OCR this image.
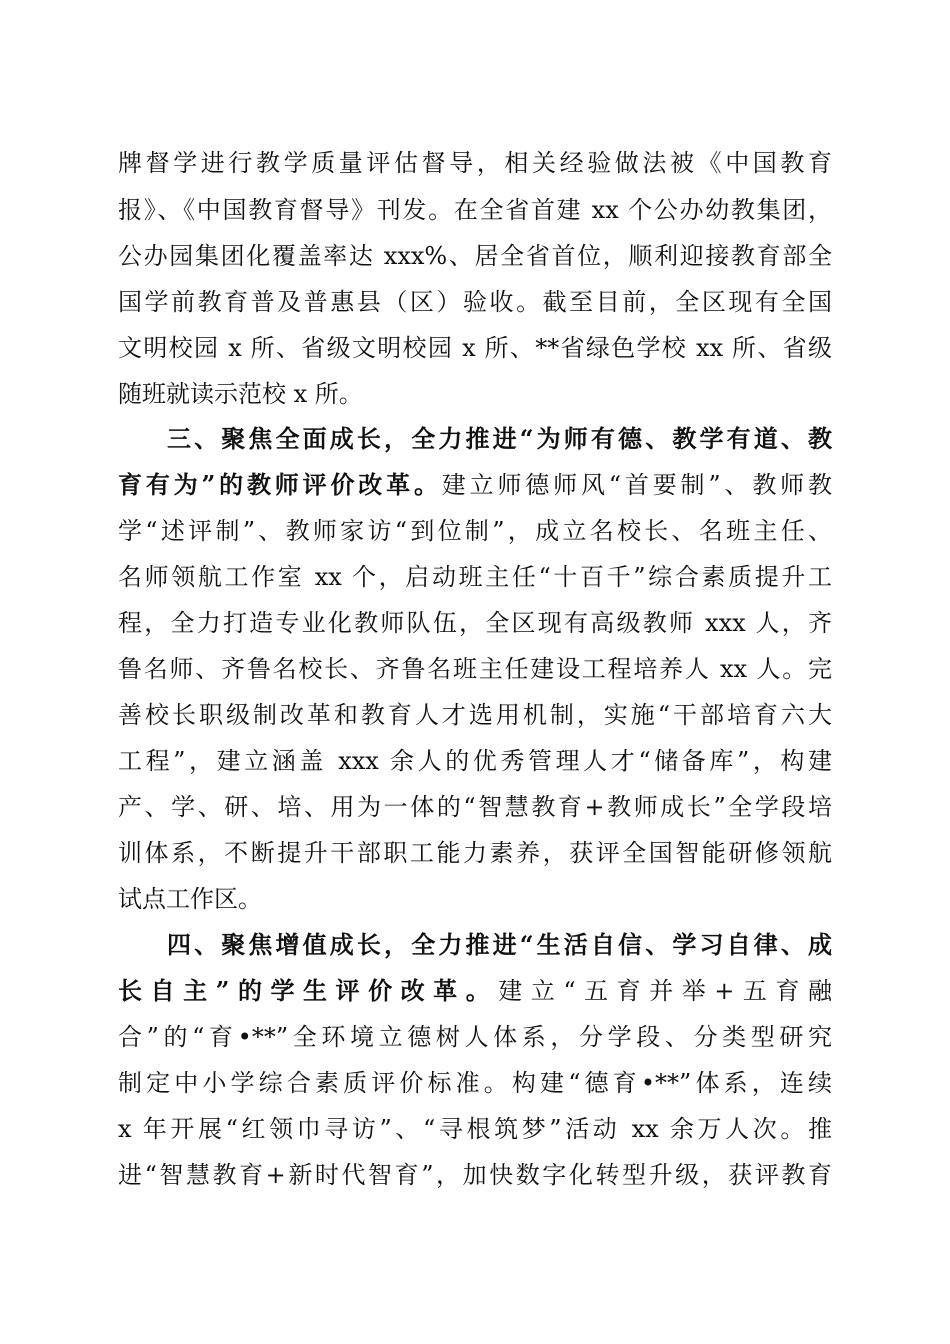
牌督学进行教学质量评估督导，相关经验做法被《中国教育
报》、《中国教育督导》刊发。在全省首建 xx 个公办幼教集团，
公办园集团化覆盖率达 xxx%、居全省首位，顺利迎接教育部全
国学前教育普及普惠县（区）验收。截至目前，全区现有全国
文明校园 x 所、省级文明校园 x 所、**省绿色学校 xx 所、省级
随班就读示范校 x 所。
三、聚焦全面成长，全力推进“为师有德、教学有道、教
育有为”的教师评价改革。建立师德师风“首要制”、教师教
学“述评制”、教师家访“到位制”，成立名校长、名班主任、
名师领航工作室 xx 个，启动班主任“十百千”综合素质提升工
程，全力打造专业化教师队伍，全区现有高级教师 xxx 人，齐
鲁名师、齐鲁名校长、齐鲁名班主任建设工程培养人 xx 人。完
善校长职级制改革和教育人才选用机制，实施“干部培育六大
工程”，建立涵盖 xxx 余人的优秀管理人才“储备库”，构建
产、学、研、培、用为一体的“智慧教育+教师成长”全学段培
训体系，不断提升干部职工能力素养，获评全国智能研修领航
试点工作区。
四、聚焦增值成长，全力推进“生活自信、学习自律、成
长自主”的学生评价改革。建立“五育并举+五育融
合”的“育•**”全环境立德树人体系，分学段、分类型研究
制定中小学综合素质评价标准。构建“德育•**”体系，连续
x 年开展“红领巾寻访”、“寻根筑梦”活动 xx 余万人次。推
进“智慧教育+新时代智育”，加快数字化转型升级，获评教育
